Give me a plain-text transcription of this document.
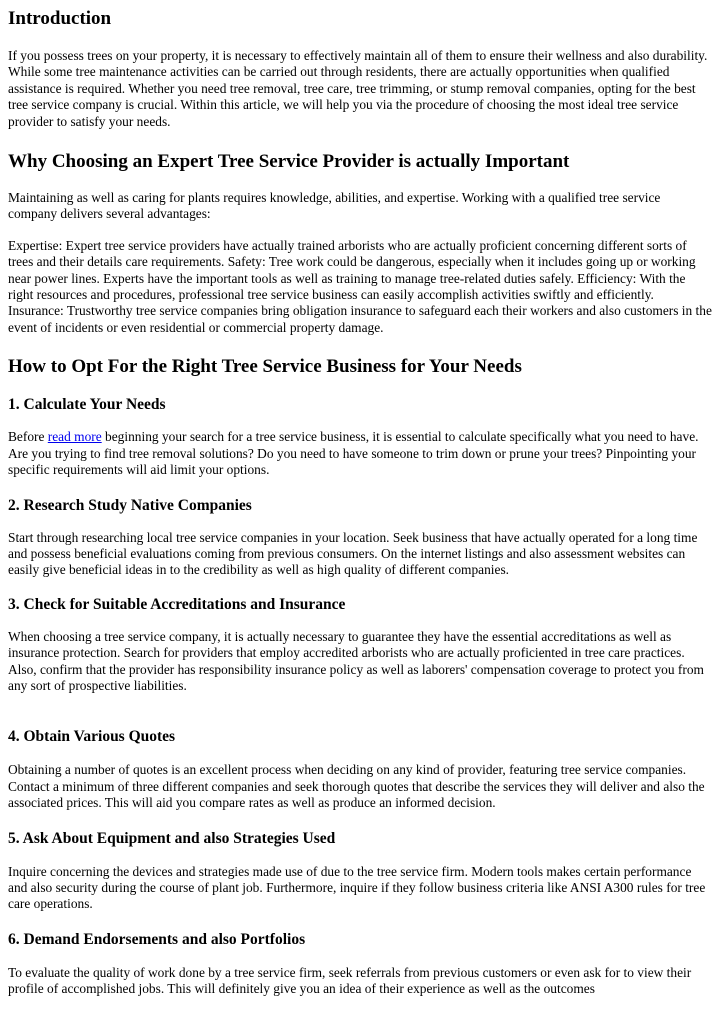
Introduction

If you possess trees on your property, it is necessary to effectively maintain all of them to ensure their wellness and also durability. While some tree maintenance activities can be carried out through residents, there are actually opportunities when qualified assistance is required. Whether you need tree removal, tree care, tree trimming, or stump removal companies, opting for the best tree service company is crucial. Within this article, we will help you via the procedure of choosing the most ideal tree service provider to satisfy your needs.

Why Choosing an Expert Tree Service Provider is actually Important

Maintaining as well as caring for plants requires knowledge, abilities, and expertise. Working with a qualified tree service company delivers several advantages:

Expertise: Expert tree service providers have actually trained arborists who are actually proficient concerning different sorts of trees and their details care requirements. Safety: Tree work could be dangerous, especially when it includes going up or working near power lines. Experts have the important tools as well as training to manage tree-related duties safely. Efficiency: With the right resources and procedures, professional tree service business can easily accomplish activities swiftly and efficiently. Insurance: Trustworthy tree service companies bring obligation insurance to safeguard each their workers and also customers in the event of incidents or even residential or commercial property damage.

How to Opt For the Right Tree Service Business for Your Needs
1. Calculate Your Needs

Before read more beginning your search for a tree service business, it is essential to calculate specifically what you need to have. Are you trying to find tree removal solutions? Do you need to have someone to trim down or prune your trees? Pinpointing your specific requirements will aid limit your options.

2. Research Study Native Companies

Start through researching local tree service companies in your location. Seek business that have actually operated for a long time and possess beneficial evaluations coming from previous consumers. On the internet listings and also assessment websites can easily give beneficial ideas in to the credibility as well as high quality of different companies.

3. Check for Suitable Accreditations and Insurance

When choosing a tree service company, it is actually necessary to guarantee they have the essential accreditations as well as insurance protection. Search for providers that employ accredited arborists who are actually proficiented in tree care practices. Also, confirm that the provider has responsibility insurance policy as well as laborers' compensation coverage to protect you from any sort of prospective liabilities.

4. Obtain Various Quotes

Obtaining a number of quotes is an excellent process when deciding on any kind of provider, featuring tree service companies. Contact a minimum of three different companies and seek thorough quotes that describe the services they will deliver and also the associated prices. This will aid you compare rates as well as produce an informed decision.

5. Ask About Equipment and also Strategies Used

Inquire concerning the devices and strategies made use of due to the tree service firm. Modern tools makes certain performance and also security during the course of plant job. Furthermore, inquire if they follow business criteria like ANSI A300 rules for tree care operations.

6. Demand Endorsements and also Portfolios

To evaluate the quality of work done by a tree service firm, seek referrals from previous customers or even ask for to view their profile of accomplished jobs. This will definitely give you an idea of their experience as well as the outcomes
